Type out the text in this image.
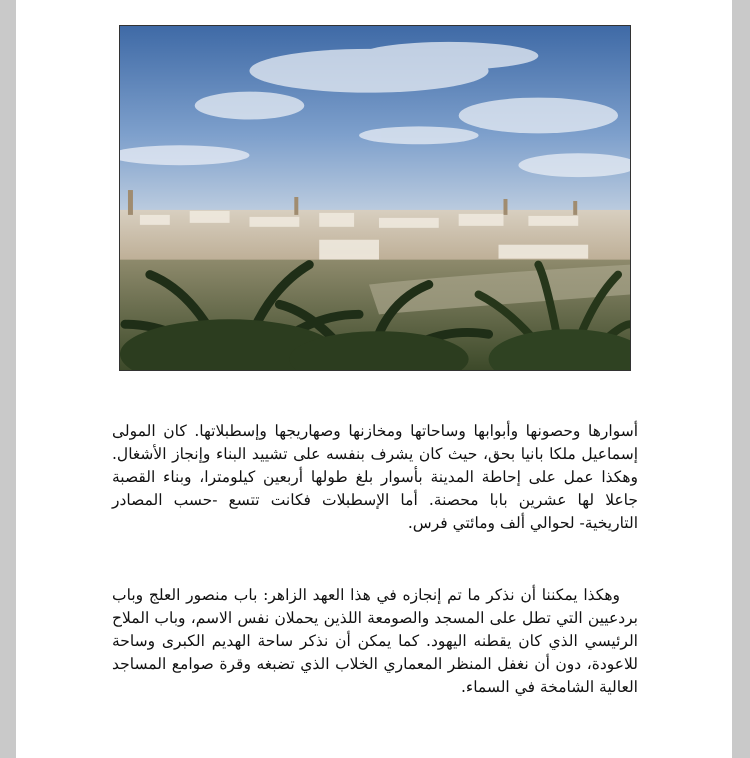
أسوارها وحصونها وأبوابها وساحاتها ومخازنها وصهاريجها وإسطبلاتها. كان المولى إسماعيل ملكا بانيا بحق، حيث كان يشرف بنفسه على تشييد البناء وإنجاز الأشغال. وهكذا عمل على إحاطة المدينة بأسوار بلغ طولها أربعين كيلومترا، وبناء القصبة جاعلا لها عشرين بابا محصنة. أما الإسطبلات فكانت تتسع -حسب المصادر التاريخية- لحوالي ألف ومائتي فرس.

وهكذا يمكننا أن نذكر ما تم إنجازه في هذا العهد الزاهر: باب منصور العلج وباب بردعيين التي تطل على المسجد والصومعة اللذين يحملان نفس الاسم، وباب الملاح الرئيسي الذي كان يقطنه اليهود. كما يمكن أن نذكر ساحة الهديم الكبرى وساحة للاعودة، دون أن نغفل المنظر المعماري الخلاب الذي تضبغه وقرة صوامع المساجد العالية الشامخة في السماء.
